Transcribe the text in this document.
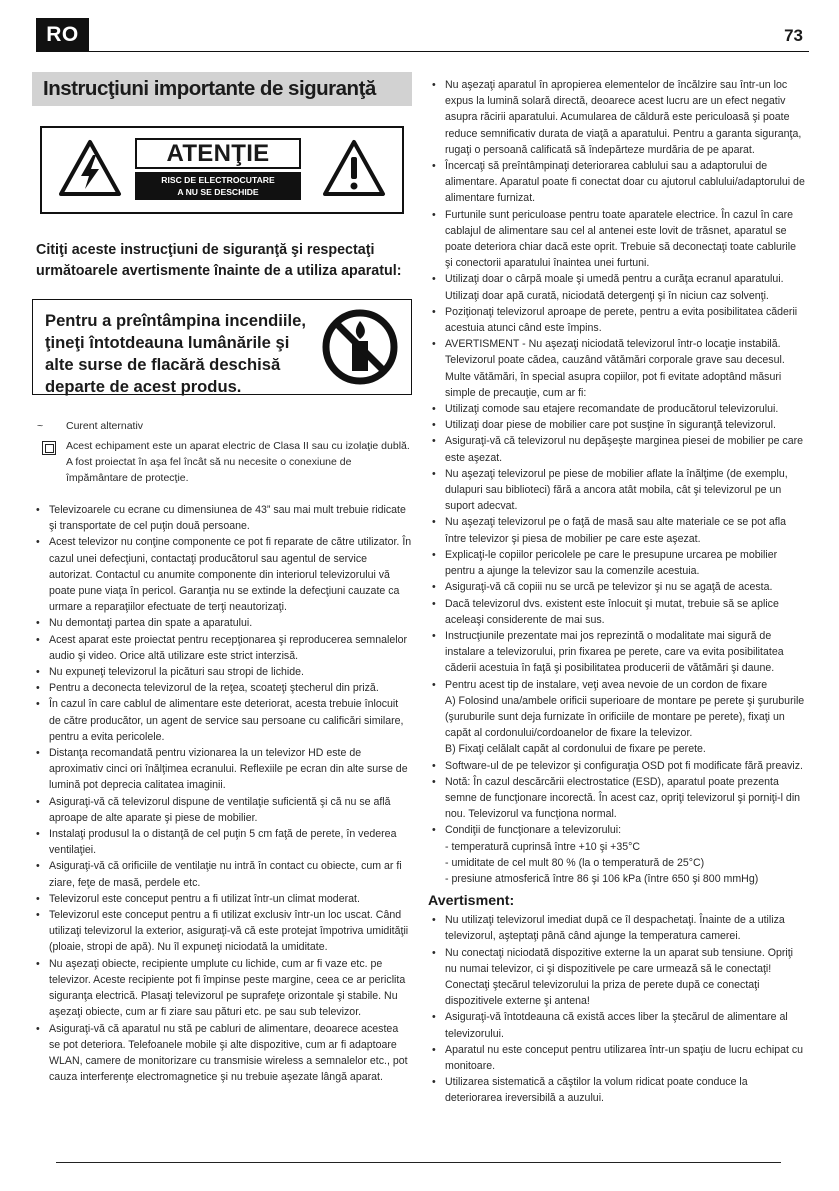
RO	73
Instrucţiuni importante de siguranţă
ATENŢIE
RISC DE ELECTROCUTARE
A NU SE DESCHIDE
Citiţi aceste instrucţiuni de siguranţă şi respectaţi următoarele avertismente înainte de a utiliza aparatul:
Pentru a preîntâmpina incendiile, ţineţi întotdeauna lumânările şi alte surse de flacără deschisă departe de acest produs.
~	Curent alternativ
Acest echipament este un aparat electric de Clasa II sau cu izolaţie dublă. A fost proiectat în aşa fel încât să nu necesite o conexiune de împământare de protecţie.
• Televizoarele cu ecrane cu dimensiunea de 43” sau mai mult trebuie ridicate şi transportate de cel puţin două persoane.
• Acest televizor nu conţine componente ce pot fi reparate de către utilizator. În cazul unei defecţiuni, contactaţi producătorul sau agentul de service autorizat. Contactul cu anumite componente din interiorul televizorului vă poate pune viaţa în pericol. Garanţia nu se extinde la defecţiuni cauzate ca urmare a reparaţiilor efectuate de terţi neautorizaţi.
• Nu demontaţi partea din spate a aparatului.
• Acest aparat este proiectat pentru recepţionarea şi reproducerea semnalelor audio şi video. Orice altă utilizare este strict interzisă.
• Nu expuneţi televizorul la picături sau stropi de lichide.
• Pentru a deconecta televizorul de la reţea, scoateţi ştecherul din priză.
• În cazul în care cablul de alimentare este deteriorat, acesta trebuie înlocuit de către producător, un agent de service sau persoane cu calificări similare, pentru a evita pericolele.
• Distanţa recomandată pentru vizionarea la un televizor HD este de aproximativ cinci ori înălţimea ecranului. Reflexiile pe ecran din alte surse de lumină pot deprecia calitatea imaginii.
• Asiguraţi-vă că televizorul dispune de ventilaţie suficientă şi că nu se află aproape de alte aparate şi piese de mobilier.
• Instalaţi produsul la o distanţă de cel puţin 5 cm faţă de perete, în vederea ventilaţiei.
• Asiguraţi-vă că orificiile de ventilaţie nu intră în contact cu obiecte, cum ar fi ziare, feţe de masă, perdele etc.
• Televizorul este conceput pentru a fi utilizat într-un climat moderat.
• Televizorul este conceput pentru a fi utilizat exclusiv într-un loc uscat. Când utilizaţi televizorul la exterior, asiguraţi-vă că este protejat împotriva umidităţii (ploaie, stropi de apă). Nu îl expuneţi niciodată la umiditate.
• Nu aşezaţi obiecte, recipiente umplute cu lichide, cum ar fi vaze etc. pe televizor. Aceste recipiente pot fi împinse peste margine, ceea ce ar periclita siguranţa electrică. Plasaţi televizorul pe suprafeţe orizontale şi stabile. Nu aşezaţi obiecte, cum ar fi ziare sau pături etc. pe sau sub televizor.
• Asiguraţi-vă că aparatul nu stă pe cabluri de alimentare, deoarece acestea se pot deteriora. Telefoanele mobile şi alte dispozitive, cum ar fi adaptoare WLAN, camere de monitorizare cu transmisie wireless a semnalelor etc., pot cauza interferenţe electromagnetice şi nu trebuie aşezate lângă aparat.
• Nu aşezaţi aparatul în apropierea elementelor de încălzire sau într-un loc expus la lumină solară directă, deoarece acest lucru are un efect negativ asupra răcirii aparatului. Acumularea de căldură este periculoasă şi poate reduce semnificativ durata de viaţă a aparatului. Pentru a garanta siguranţa, rugaţi o persoană calificată să îndepărteze murdăria de pe aparat.
• Încercaţi să preîntâmpinaţi deteriorarea cablului sau a adaptorului de alimentare. Aparatul poate fi conectat doar cu ajutorul cablului/adaptorului de alimentare furnizat.
• Furtunile sunt periculoase pentru toate aparatele electrice. În cazul în care cablajul de alimentare sau cel al antenei este lovit de trăsnet, aparatul se poate deteriora chiar dacă este oprit. Trebuie să deconectaţi toate cablurile şi conectorii aparatului înaintea unei furtuni.
• Utilizaţi doar o cârpă moale şi umedă pentru a curăţa ecranul aparatului. Utilizaţi doar apă curată, niciodată detergenţi şi în niciun caz solvenţi.
• Poziţionaţi televizorul aproape de perete, pentru a evita posibilitatea căderii acestuia atunci când este împins.
• AVERTISMENT - Nu aşezaţi niciodată televizorul într-o locaţie instabilă. Televizorul poate cădea, cauzând vătămări corporale grave sau decesul. Multe vătămări, în special asupra copiilor, pot fi evitate adoptând măsuri simple de precauţie, cum ar fi:
• Utilizaţi comode sau etajere recomandate de producătorul televizorului.
• Utilizaţi doar piese de mobilier care pot susţine în siguranţă televizorul.
• Asiguraţi-vă că televizorul nu depăşeşte marginea piesei de mobilier pe care este aşezat.
• Nu aşezaţi televizorul pe piese de mobilier aflate la înălţime (de exemplu, dulapuri sau biblioteci) fără a ancora atât mobila, cât şi televizorul pe un suport adecvat.
• Nu aşezaţi televizorul pe o faţă de masă sau alte materiale ce se pot afla între televizor şi piesa de mobilier pe care este aşezat.
• Explicaţi-le copiilor pericolele pe care le presupune urcarea pe mobilier pentru a ajunge la televizor sau la comenzile acestuia.
• Asiguraţi-vă că copiii nu se urcă pe televizor şi nu se agaţă de acesta.
• Dacă televizorul dvs. existent este înlocuit şi mutat, trebuie să se aplice aceleaşi considerente de mai sus.
• Instrucţiunile prezentate mai jos reprezintă o modalitate mai sigură de instalare a televizorului, prin fixarea pe perete, care va evita posibilitatea căderii acestuia în faţă şi posibilitatea producerii de vătămări şi daune.
• Pentru acest tip de instalare, veţi avea nevoie de un cordon de fixare
A) Folosind una/ambele orificii superioare de montare pe perete şi şuruburile (şuruburile sunt deja furnizate în orificiile de montare pe perete), fixaţi un capăt al cordonului/cordoanelor de fixare la televizor.
B) Fixaţi celălalt capăt al cordonului de fixare pe perete.
• Software-ul de pe televizor şi configuraţia OSD pot fi modificate fără preaviz.
• Notă: În cazul descărcării electrostatice (ESD), aparatul poate prezenta semne de funcţionare incorectă. În acest caz, opriţi televizorul şi porniţi-l din nou. Televizorul va funcţiona normal.
• Condiţii de funcţionare a televizorului:
- temperatură cuprinsă între +10 şi +35°C
- umiditate de cel mult 80 % (la o temperatură de 25°C)
- presiune atmosferică între 86 şi 106 kPa (între 650 şi 800 mmHg)
Avertisment:
• Nu utilizaţi televizorul imediat după ce îl despachetaţi. Înainte de a utiliza televizorul, aşteptaţi până când ajunge la temperatura camerei.
• Nu conectaţi niciodată dispozitive externe la un aparat sub tensiune. Opriţi nu numai televizor, ci şi dispozitivele pe care urmează să le conectaţi! Conectaţi ştecărul televizorului la priza de perete după ce conectaţi dispozitivele externe şi antena!
• Asiguraţi-vă întotdeauna că există acces liber la ştecărul de alimentare al televizorului.
• Aparatul nu este conceput pentru utilizarea într-un spaţiu de lucru echipat cu monitoare.
• Utilizarea sistematică a căştilor la volum ridicat poate conduce la deteriorarea ireversibilă a auzului.
